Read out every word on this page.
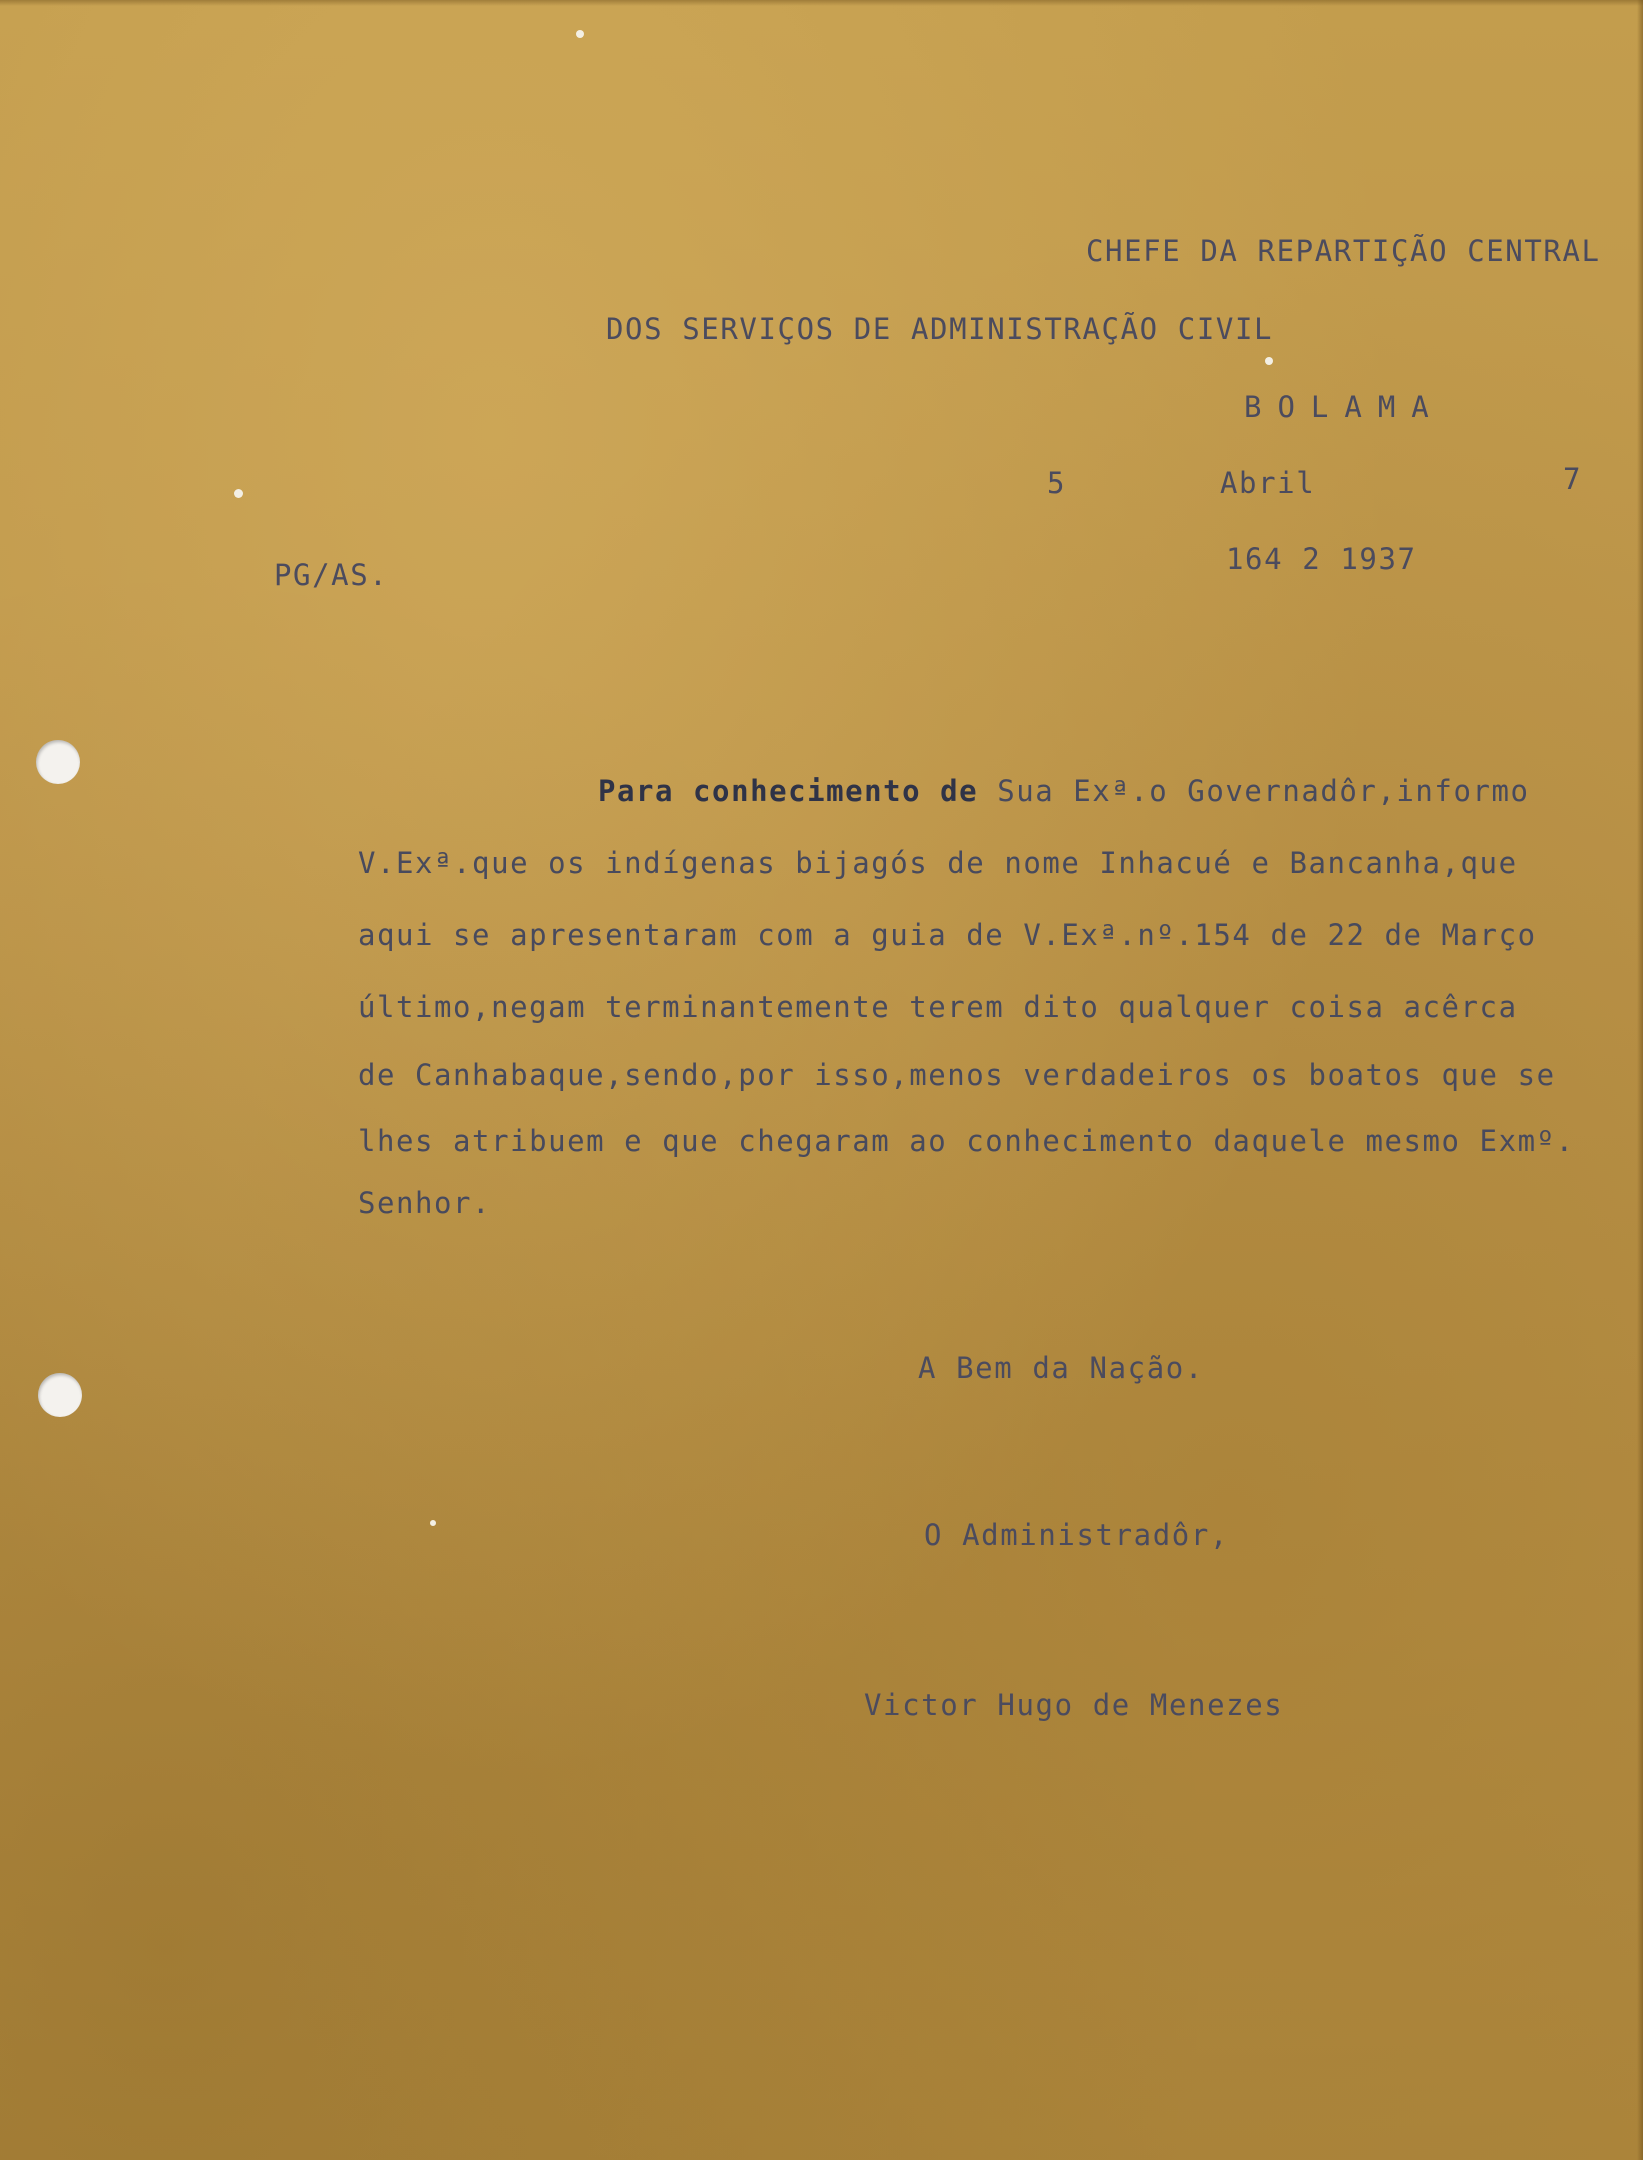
CHEFE DA REPARTIÇÃO CENTRAL
DOS SERVIÇOS DE ADMINISTRAÇÃO CIVIL
BOLAMA
5	Abril	7
PG/AS.	164 2 1937
Para conhecimento de Sua Exª.o Governadôr,informo
V.Exª.que os indígenas bijagós de nome Inhacué e Bancanha,que
aqui se apresentaram com a guia de V.Exª.nº.154 de 22 de Março
último,negam terminantemente terem dito qualquer coisa acêrca
de Canhabaque,sendo,por isso,menos verdadeiros os boatos que se
lhes atribuem e que chegaram ao conhecimento daquele mesmo Exmº.
Senhor.
A Bem da Nação.
O Administradôr,
Victor Hugo de Menezes
